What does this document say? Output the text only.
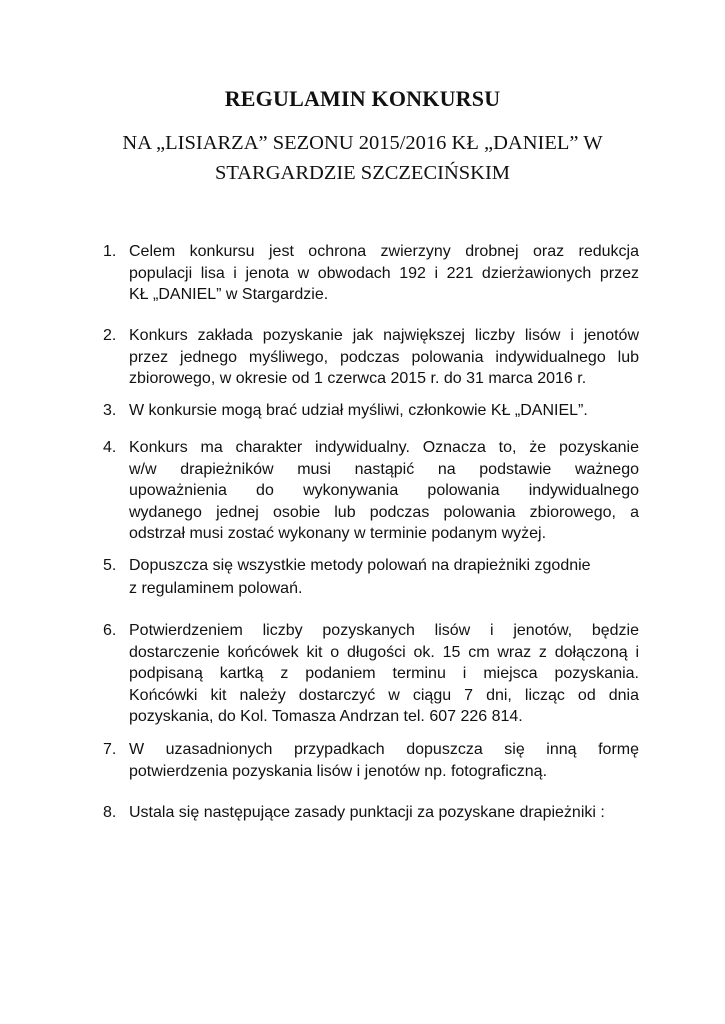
REGULAMIN KONKURSU
NA „LISIARZA” SEZONU 2015/2016 KŁ „DANIEL” W
STARGARDZIE SZCZECIŃSKIM
1. Celem konkursu jest ochrona zwierzyny drobnej oraz redukcja
populacji lisa i jenota w obwodach 192 i 221 dzierżawionych przez
KŁ „DANIEL” w Stargardzie.
2. Konkurs zakłada pozyskanie jak największej liczby lisów i jenotów
przez jednego myśliwego, podczas polowania indywidualnego lub
zbiorowego, w okresie od 1 czerwca 2015 r. do 31 marca 2016 r.
3. W konkursie mogą brać udział myśliwi, członkowie KŁ „DANIEL”.
4. Konkurs ma charakter indywidualny. Oznacza to, że pozyskanie
w/w drapieżników musi nastąpić na podstawie ważnego
upoważnienia do wykonywania polowania indywidualnego
wydanego jednej osobie lub podczas polowania zbiorowego, a
odstrzał musi zostać wykonany w terminie podanym wyżej.
5. Dopuszcza się wszystkie metody polowań na drapieżniki zgodnie
z regulaminem polowań.
6. Potwierdzeniem liczby pozyskanych lisów i jenotów, będzie
dostarczenie końcówek kit o długości ok. 15 cm wraz z dołączoną i
podpisaną kartką z podaniem terminu i miejsca pozyskania.
Końcówki kit należy dostarczyć w ciągu 7 dni, licząc od dnia
pozyskania, do Kol. Tomasza Andrzan tel. 607 226 814.
7. W uzasadnionych przypadkach dopuszcza się inną formę
potwierdzenia pozyskania lisów i jenotów np. fotograficzną.
8. Ustala się następujące zasady punktacji za pozyskane drapieżniki :
